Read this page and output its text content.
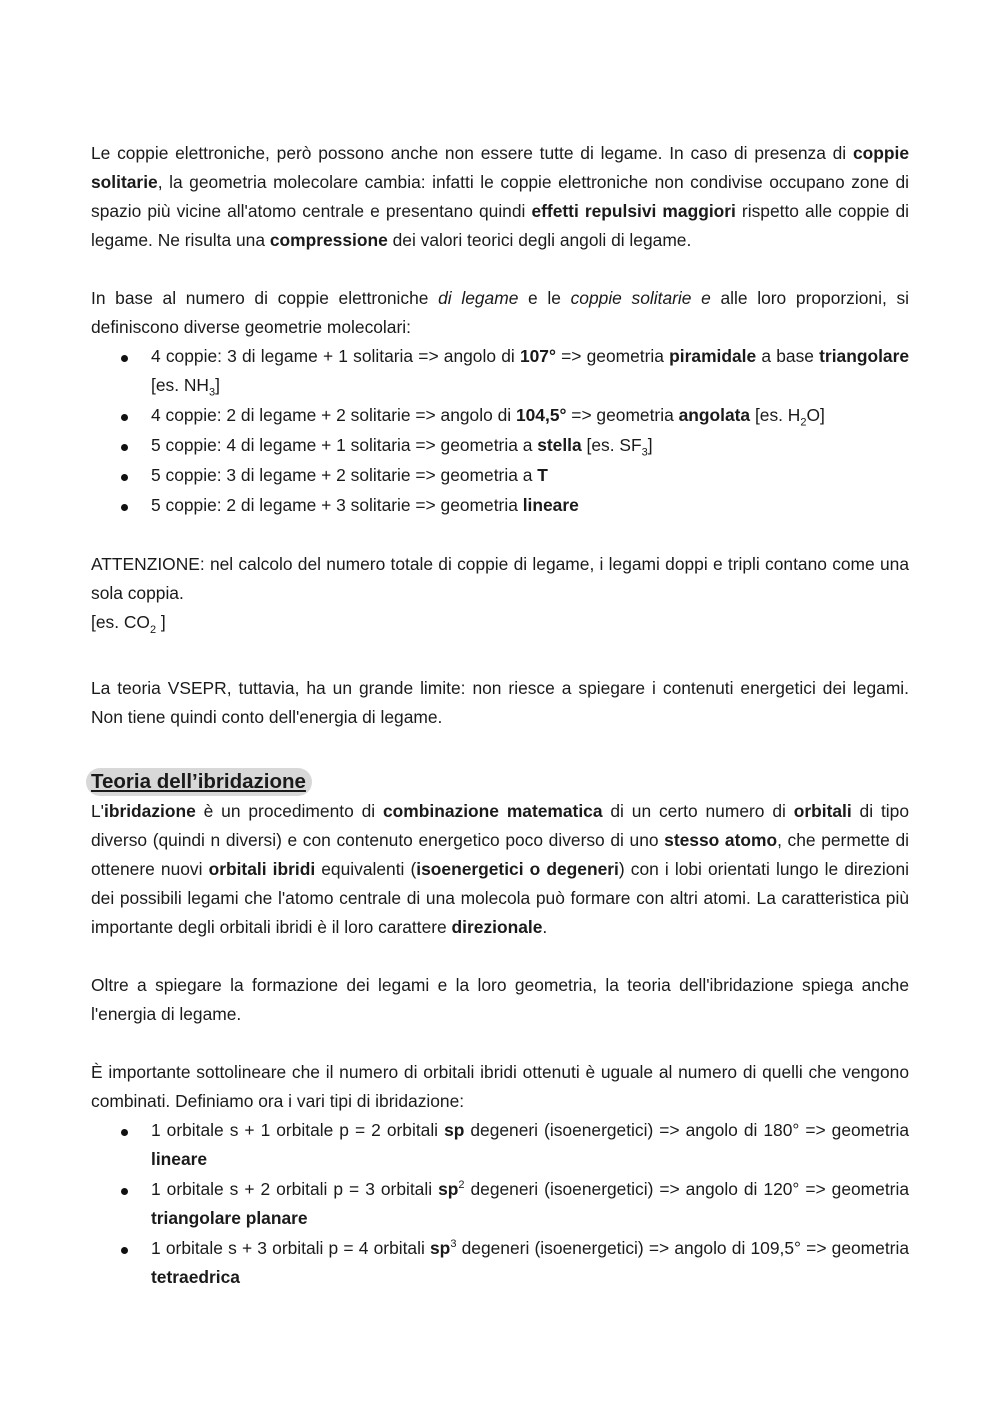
Le coppie elettroniche, però possono anche non essere tutte di legame. In caso di presenza di coppie solitarie, la geometria molecolare cambia: infatti le coppie elettroniche non condivise occupano zone di spazio più vicine all'atomo centrale e presentano quindi effetti repulsivi maggiori rispetto alle coppie di legame. Ne risulta una compressione dei valori teorici degli angoli di legame.

In base al numero di coppie elettroniche di legame e le coppie solitarie e alle loro proporzioni, si definiscono diverse geometrie molecolari:

4 coppie: 3 di legame + 1 solitaria => angolo di 107° => geometria piramidale a base triangolare [es. $NH_3$]
4 coppie: 2 di legame + 2 solitarie => angolo di 104,5° => geometria angolata [es. $H_2O$]
5 coppie: 4 di legame + 1 solitaria => geometria a stella [es. $SF_3$]
5 coppie: 3 di legame + 2 solitarie => geometria a T
5 coppie: 2 di legame + 3 solitarie => geometria lineare

ATTENZIONE: nel calcolo del numero totale di coppie di legame, i legami doppi e tripli contano come una sola coppia.

[es. $CO_2$ ]

La teoria VSEPR, tuttavia, ha un grande limite: non riesce a spiegare i contenuti energetici dei legami. Non tiene quindi conto dell'energia di legame.

Teoria dell’ibridazione

L'ibridazione è un procedimento di combinazione matematica di un certo numero di orbitali di tipo diverso (quindi n diversi) e con contenuto energetico poco diverso di uno stesso atomo, che permette di ottenere nuovi orbitali ibridi equivalenti (isoenergetici o degeneri) con i lobi orientati lungo le direzioni dei possibili legami che l'atomo centrale di una molecola può formare con altri atomi. La caratteristica più importante degli orbitali ibridi è il loro carattere direzionale.

Oltre a spiegare la formazione dei legami e la loro geometria, la teoria dell'ibridazione spiega anche l'energia di legame.

È importante sottolineare che il numero di orbitali ibridi ottenuti è uguale al numero di quelli che vengono combinati. Definiamo ora i vari tipi di ibridazione:

1 orbitale s + 1 orbitale p = 2 orbitali sp degeneri (isoenergetici) => angolo di 180° => geometria lineare
1 orbitale s + 2 orbitali p = 3 orbitali $sp^2$ degeneri (isoenergetici) => angolo di 120° => geometria triangolare planare
1 orbitale s + 3 orbitali p = 4 orbitali $sp^3$ degeneri (isoenergetici) => angolo di 109,5° => geometria tetraedrica
